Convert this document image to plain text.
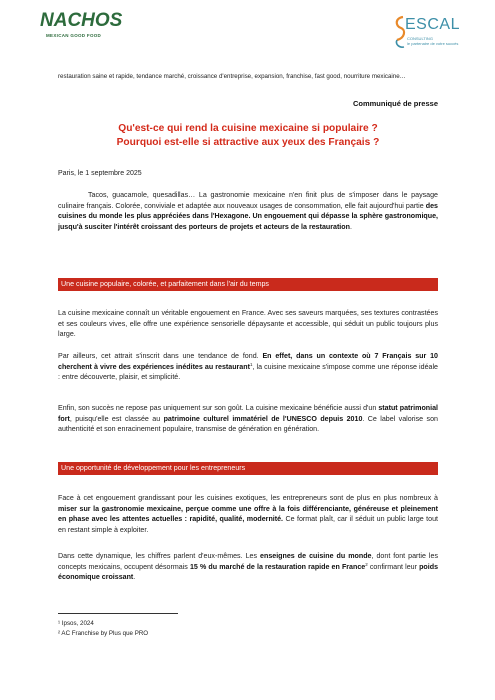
NACHOS
MEXICAN GOOD FOOD
ESCAL
CONSULTING
le partenaire de votre succès
restauration saine et rapide, tendance marché, croissance d'entreprise, expansion, franchise, fast good, nourriture mexicaine…
Communiqué de presse
Qu'est-ce qui rend la cuisine mexicaine si populaire ?
Pourquoi est-elle si attractive aux yeux des Français ?
Paris, le 1 septembre 2025

Tacos, guacamole, quesadillas… La gastronomie mexicaine n'en finit plus de s'imposer dans le paysage culinaire français. Colorée, conviviale et adaptée aux nouveaux usages de consommation, elle fait aujourd'hui partie des cuisines du monde les plus appréciées dans l'Hexagone. Un engouement qui dépasse la sphère gastronomique, jusqu'à susciter l'intérêt croissant des porteurs de projets et acteurs de la restauration.

Une cuisine populaire, colorée, et parfaitement dans l'air du temps

La cuisine mexicaine connaît un véritable engouement en France. Avec ses saveurs marquées, ses textures contrastées et ses couleurs vives, elle offre une expérience sensorielle dépaysante et accessible, qui séduit un public toujours plus large.

Par ailleurs, cet attrait s'inscrit dans une tendance de fond. En effet, dans un contexte où 7 Français sur 10 cherchent à vivre des expériences inédites au restaurant$^1$, la cuisine mexicaine s'impose comme une réponse idéale : entre découverte, plaisir, et simplicité.

Enfin, son succès ne repose pas uniquement sur son goût. La cuisine mexicaine bénéficie aussi d'un statut patrimonial fort, puisqu'elle est classée au patrimoine culturel immatériel de l'UNESCO depuis 2010. Ce label valorise son authenticité et son enracinement populaire, transmise de génération en génération.

Une opportunité de développement pour les entrepreneurs

Face à cet engouement grandissant pour les cuisines exotiques, les entrepreneurs sont de plus en plus nombreux à miser sur la gastronomie mexicaine, perçue comme une offre à la fois différenciante, généreuse et pleinement en phase avec les attentes actuelles : rapidité, qualité, modernité. Ce format plaît, car il séduit un public large tout en restant simple à exploiter.

Dans cette dynamique, les chiffres parlent d'eux-mêmes. Les enseignes de cuisine du monde, dont font partie les concepts mexicains, occupent désormais 15 % du marché de la restauration rapide en France$^2$ confirmant leur poids économique croissant.

¹ Ipsos, 2024
² AC Franchise by Plus que PRO
